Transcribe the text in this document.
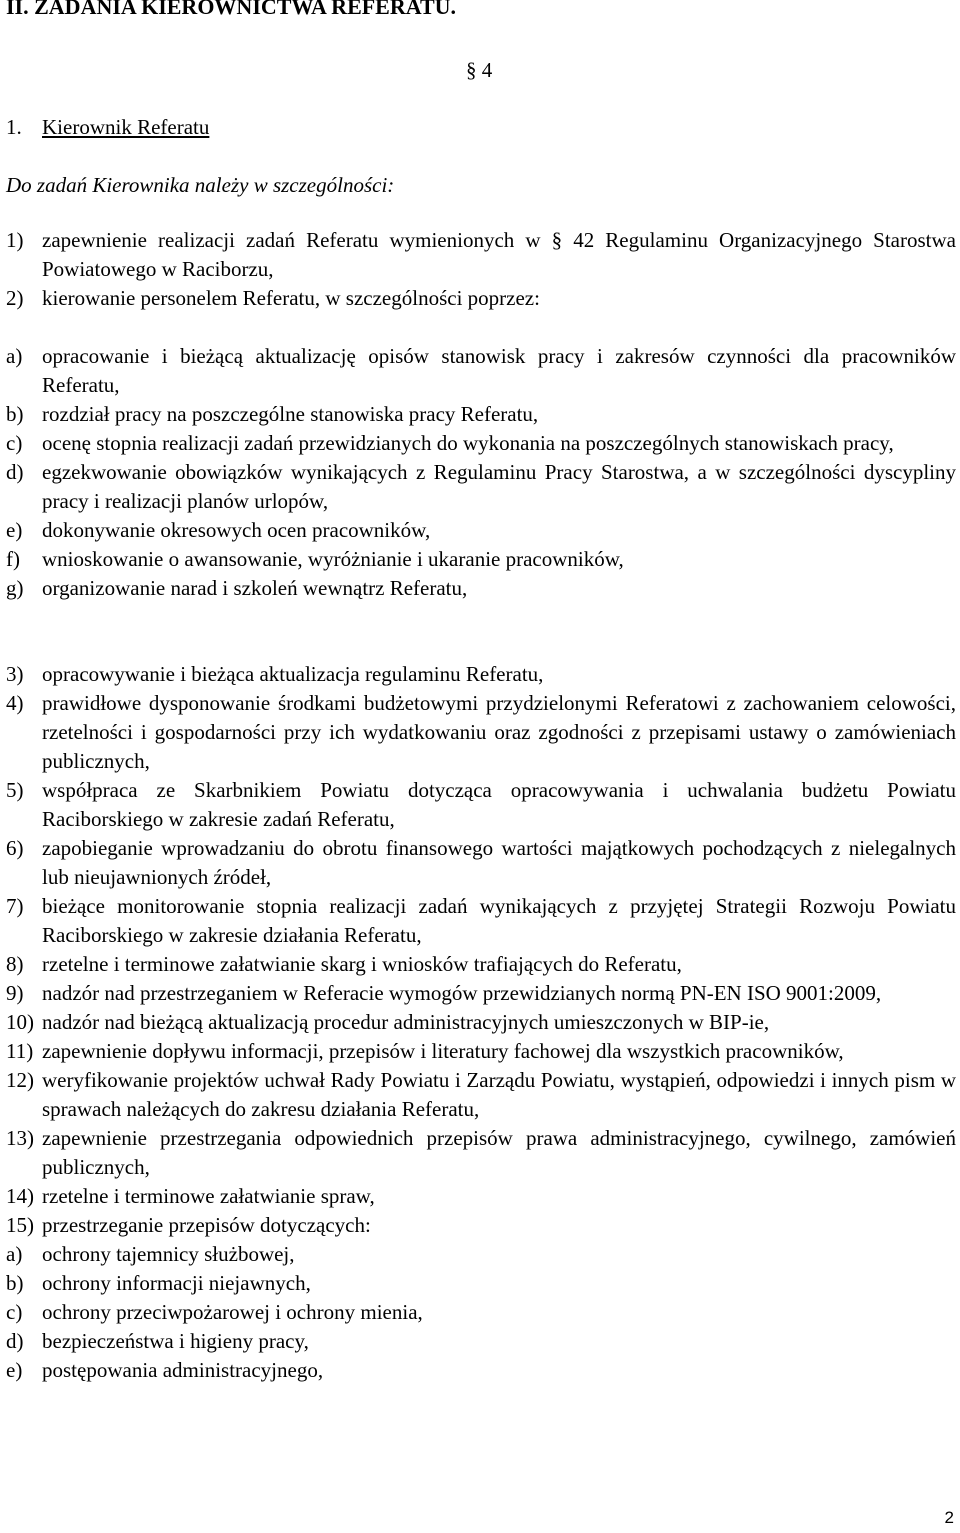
II. ZADANIA KIEROWNICTWA REFERATU.
§ 4
1. Kierownik Referatu
Do zadań Kierownika należy w szczególności:
1) zapewnienie realizacji zadań Referatu wymienionych w § 42 Regulaminu Organizacyjnego Starostwa Powiatowego w Raciborzu,
2) kierowanie personelem Referatu, w szczególności poprzez:
a) opracowanie i bieżącą aktualizację opisów stanowisk pracy i zakresów czynności dla pracowników Referatu,
b) rozdział pracy na poszczególne stanowiska pracy Referatu,
c) ocenę stopnia realizacji zadań przewidzianych do wykonania na poszczególnych stanowiskach pracy,
d) egzekwowanie obowiązków wynikających z Regulaminu Pracy Starostwa, a w szczególności dyscypliny pracy i realizacji planów urlopów,
e) dokonywanie okresowych ocen pracowników,
f)	wnioskowanie o awansowanie, wyróżnianie i ukaranie pracowników,
g) organizowanie narad i szkoleń wewnątrz Referatu,
3) opracowywanie i bieżąca aktualizacja regulaminu Referatu,
4) prawidłowe dysponowanie środkami budżetowymi przydzielonymi Referatowi z zachowaniem celowości, rzetelności i gospodarności przy ich wydatkowaniu oraz zgodności z przepisami ustawy o zamówieniach publicznych,
5) współpraca ze Skarbnikiem Powiatu dotycząca opracowywania i uchwalania budżetu Powiatu Raciborskiego w zakresie zadań Referatu,
6) zapobieganie wprowadzaniu do obrotu finansowego wartości majątkowych pochodzących z nielegalnych lub nieujawnionych źródeł,
7) bieżące monitorowanie stopnia realizacji zadań wynikających z przyjętej Strategii Rozwoju Powiatu Raciborskiego w zakresie działania Referatu,
8) rzetelne i terminowe załatwianie skarg i wniosków trafiających do Referatu,
9) nadzór nad przestrzeganiem w Referacie wymogów przewidzianych normą PN-EN ISO 9001:2009,
10) nadzór nad bieżącą aktualizacją procedur administracyjnych umieszczonych w BIP-ie,
11) zapewnienie dopływu informacji, przepisów i literatury fachowej dla wszystkich pracowników,
12) weryfikowanie projektów uchwał Rady Powiatu i Zarządu Powiatu, wystąpień, odpowiedzi i innych pism w sprawach należących do zakresu działania Referatu,
13) zapewnienie przestrzegania odpowiednich przepisów prawa administracyjnego, cywilnego, zamówień publicznych,
14) rzetelne i terminowe załatwianie spraw,
15) przestrzeganie przepisów dotyczących:
a) ochrony tajemnicy służbowej,
b) ochrony informacji niejawnych,
c) ochrony przeciwpożarowej i ochrony mienia,
d) bezpieczeństwa i higieny pracy,
e) postępowania administracyjnego,
2
